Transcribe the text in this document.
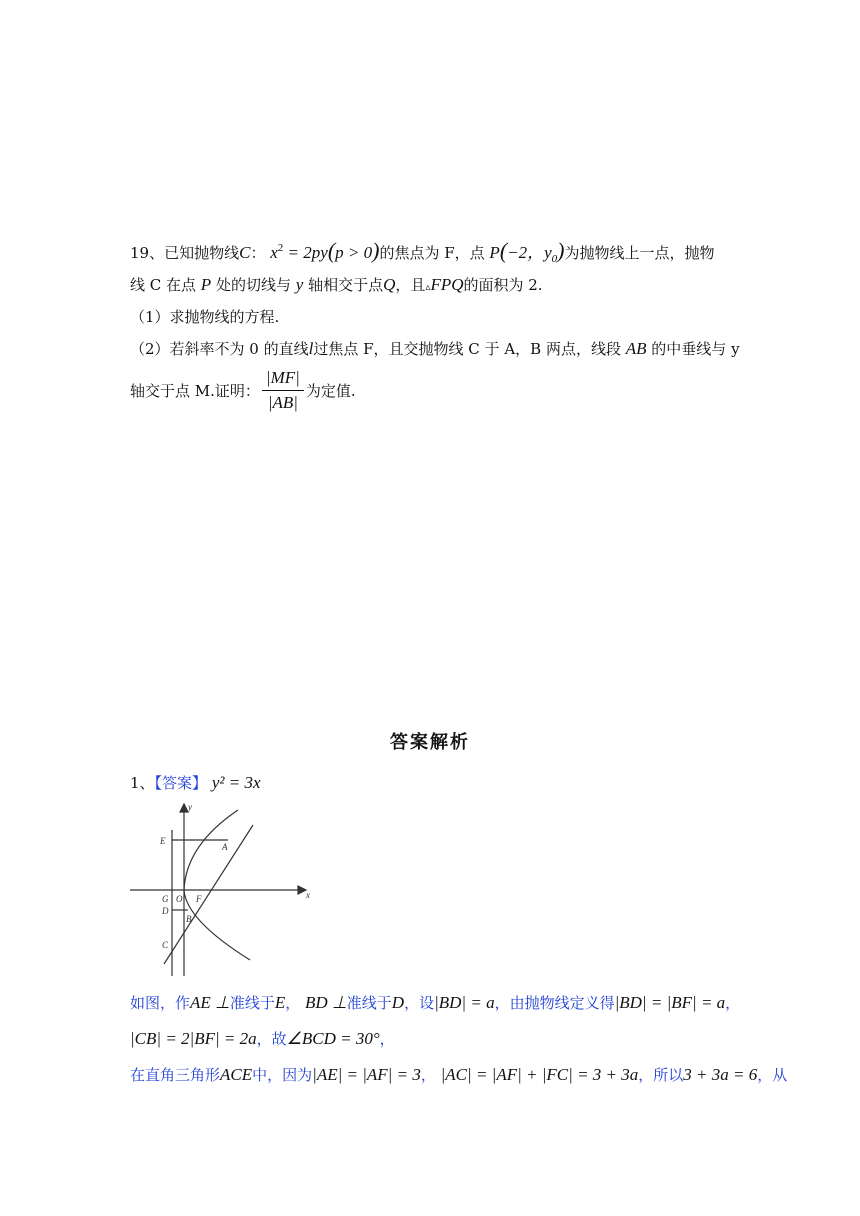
19、已知抛物线C： $x^2 = 2py(p > 0)$的焦点为 F，点 P(−2，$y_0$)为抛物线上一点，抛物
线 C 在点 P 处的切线与 y 轴相交于点Q，且▵FPQ的面积为 2.
（1）求抛物线的方程.
（2）若斜率不为 0 的直线l过焦点 F，且交抛物线 C 于 A，B 两点，线段 AB 的中垂线与 y
轴交于点 M.证明： $\frac{|MF|}{|AB|}$ 为定值.
答案解析
1、【答案】 y² = 3x
y
x
E
A
G O F
D
B
C
如图，作AE ⊥准线于E， BD ⊥准线于D，设|BD| = a，由抛物线定义得|BD| = |BF| = a，
|CB| = 2|BF| = 2a，故∠BCD = 30°，
在直角三角形ACE中，因为|AE| = |AF| = 3， |AC| = |AF| + |FC| = 3 + 3a，所以3 + 3a = 6，从
